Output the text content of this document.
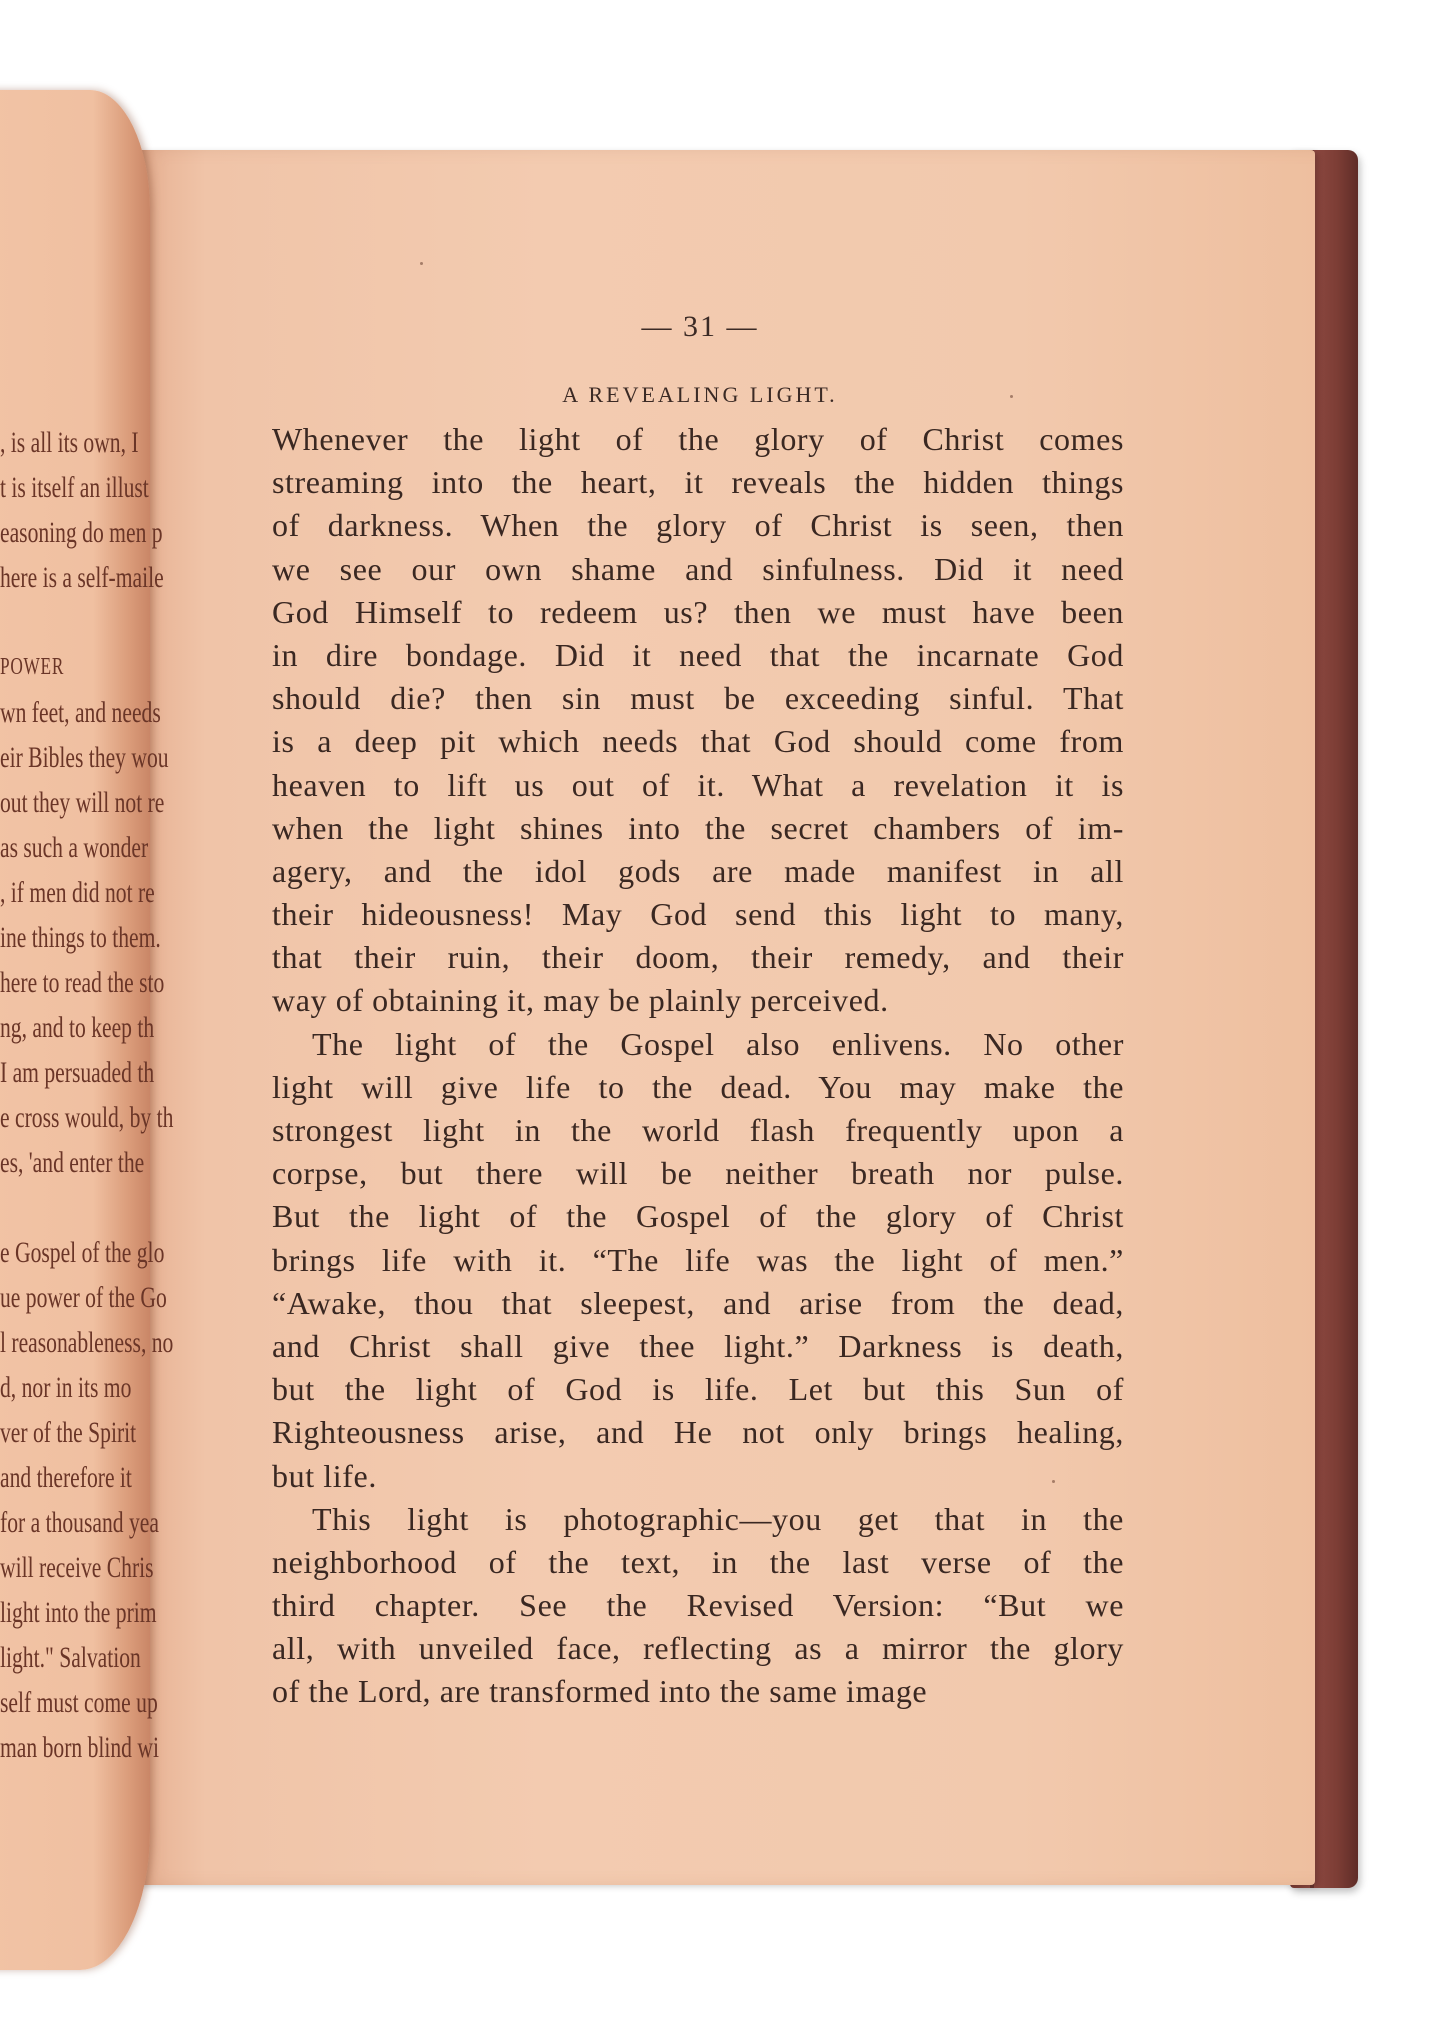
, is all its own, I
t is itself an illust
easoning do men p
here is a self-maile
POWER
wn feet, and needs
eir Bibles they wou
out they will not re
as such a wonder
, if men did not re
ine things to them.
here to read the sto
ng, and to keep th
I am persuaded th
e cross would, by th
es, 'and enter the
e Gospel of the glo
ue power of the Go
l reasonableness, no
d, nor in its mo
ver of the Spirit
and therefore it
for a thousand yea
will receive Chris
light into the prim
light." Salvation
self must come up
man born blind wi
— 31 —
A REVEALING LIGHT.
Whenever the light of the glory of Christ comes
streaming into the heart, it reveals the hidden things
of darkness. When the glory of Christ is seen, then
we see our own shame and sinfulness. Did it need
God Himself to redeem us? then we must have been
in dire bondage. Did it need that the incarnate God
should die? then sin must be exceeding sinful. That
is a deep pit which needs that God should come from
heaven to lift us out of it. What a revelation it is
when the light shines into the secret chambers of im-
agery, and the idol gods are made manifest in all
their hideousness! May God send this light to many,
that their ruin, their doom, their remedy, and their
way of obtaining it, may be plainly perceived.
The light of the Gospel also enlivens. No other
light will give life to the dead. You may make the
strongest light in the world flash frequently upon a
corpse, but there will be neither breath nor pulse.
But the light of the Gospel of the glory of Christ
brings life with it. “The life was the light of men.”
“Awake, thou that sleepest, and arise from the dead,
and Christ shall give thee light.” Darkness is death,
but the light of God is life. Let but this Sun of
Righteousness arise, and He not only brings healing,
but life.
This light is photographic—you get that in the
neighborhood of the text, in the last verse of the
third chapter. See the Revised Version: “But we
all, with unveiled face, reflecting as a mirror the glory
of the Lord, are transformed into the same image
